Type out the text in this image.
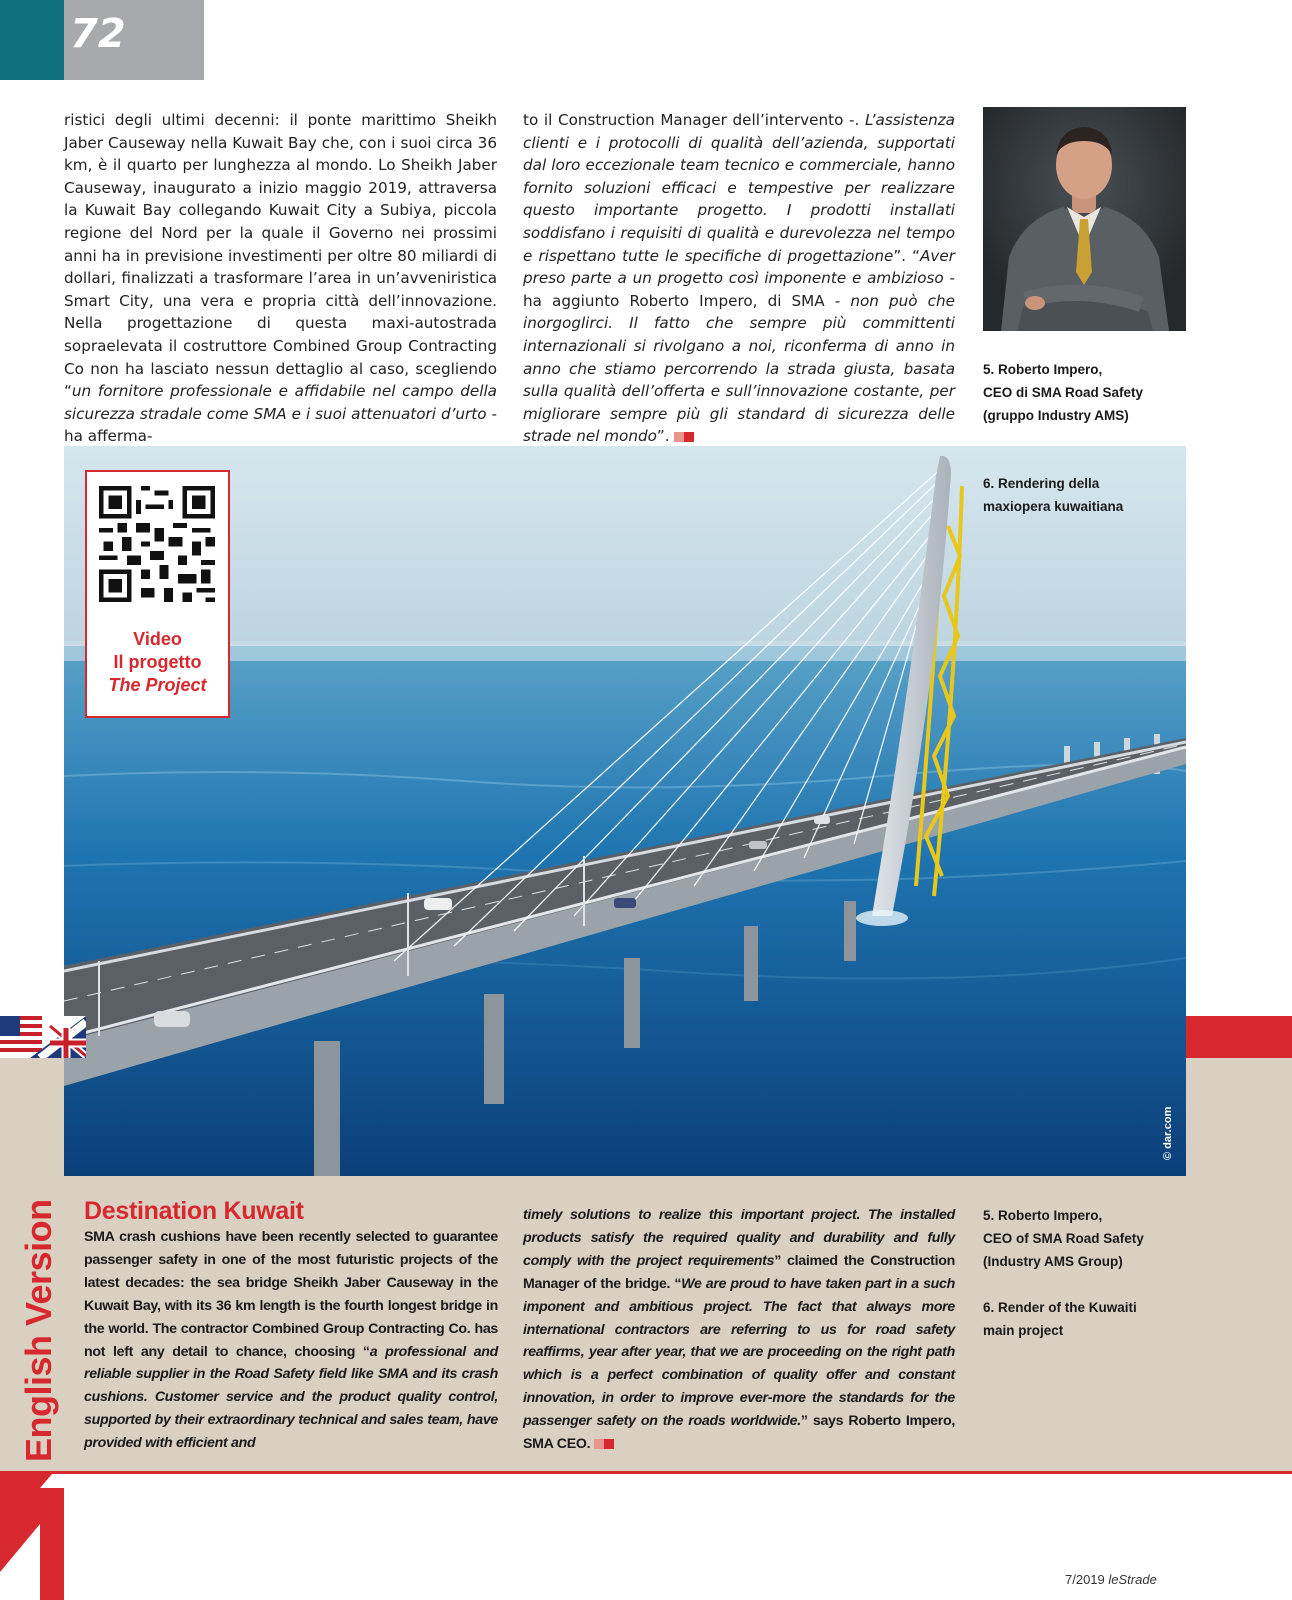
72

ristici degli ultimi decenni: il ponte marittimo Sheikh Jaber Causeway nella Kuwait Bay che, con i suoi circa 36 km, è il quarto per lunghezza al mondo. Lo Sheikh Jaber Causeway, inaugurato a inizio maggio 2019, attraversa la Kuwait Bay collegando Kuwait City a Subiya, piccola regione del Nord per la quale il Governo nei prossimi anni ha in previsione investimenti per oltre 80 miliardi di dollari, finalizzati a trasformare l’area in un’avveniristica Smart City, una vera e propria città dell’innovazione. Nella progettazione di questa maxi-autostrada sopraelevata il costruttore Combined Group Contracting Co non ha lasciato nessun dettaglio al caso, scegliendo “un fornitore professionale e affidabile nel campo della sicurezza stradale come SMA e i suoi attenuatori d’urto - ha afferma-

to il Construction Manager dell’intervento -. L’assistenza clienti e i protocolli di qualità dell’azienda, supportati dal loro eccezionale team tecnico e commerciale, hanno fornito soluzioni efficaci e tempestive per realizzare questo importante progetto. I prodotti installati soddisfano i requisiti di qualità e durevolezza nel tempo e rispettano tutte le specifiche di progettazione”. “Aver preso parte a un progetto così imponente e ambizioso - ha aggiunto Roberto Impero, di SMA - non può che inorgoglirci. Il fatto che sempre più committenti internazionali si rivolgano a noi, riconferma di anno in anno che stiamo percorrendo la strada giusta, basata sulla qualità dell’offerta e sull’innovazione costante, per migliorare sempre più gli standard di sicurezza delle strade nel mondo”.

5. Roberto Impero,
CEO di SMA Road Safety
(gruppo Industry AMS)
6. Rendering della
maxiopera kuwaitiana
Video
Il progetto
The Project
© dar.com
English Version Destination Kuwait

SMA crash cushions have been recently selected to guarantee passenger safety in one of the most futuristic projects of the latest decades: the sea bridge Sheikh Jaber Causeway in the Kuwait Bay, with its 36 km length is the fourth longest bridge in the world. The contractor Combined Group Contracting Co. has not left any detail to chance, choosing “a professional and reliable supplier in the Road Safety field like SMA and its crash cushions. Customer service and the product quality control, supported by their extraordinary technical and sales team, have provided with efficient and

timely solutions to realize this important project. The installed products satisfy the required quality and durability and fully comply with the project requirements” claimed the Construction Manager of the bridge. “We are proud to have taken part in a such imponent and ambitious project. The fact that always more international contractors are referring to us for road safety reaffirms, year after year, that we are proceeding on the right path which is a perfect combination of quality offer and constant innovation, in order to improve ever-more the standards for the passenger safety on the roads worldwide.” says Roberto Impero, SMA CEO.

5. Roberto Impero,
CEO of SMA Road Safety
(Industry AMS Group)

6. Render of the Kuwaiti
main project

7/2019 leStrade
